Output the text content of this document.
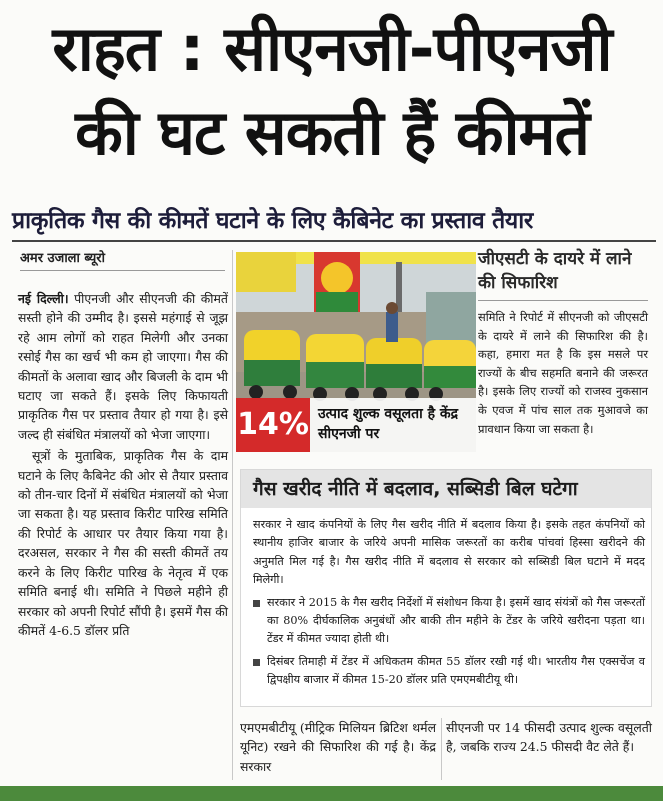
राहत : सीएनजी-पीएनजी
की घट सकती हैं कीमतें
प्राकृतिक गैस की कीमतें घटाने के लिए कैबिनेट का प्रस्ताव तैयार
अमर उजाला ब्यूरो

नई दिल्ली। पीएनजी और सीएनजी की कीमतें सस्ती होने की उम्मीद है। इससे महंगाई से जूझ रहे आम लोगों को राहत मिलेगी और उनका रसोई गैस का खर्च भी कम हो जाएगा। गैस की कीमतों के अलावा खाद और बिजली के दाम भी घटाए जा सकते हैं। इसके लिए किफायती प्राकृतिक गैस पर प्रस्ताव तैयार हो गया है। इसे जल्द ही संबंधित मंत्रालयों को भेजा जाएगा।

सूत्रों के मुताबिक, प्राकृतिक गैस के दाम घटाने के लिए कैबिनेट की ओर से तैयार प्रस्ताव को तीन-चार दिनों में संबंधित मंत्रालयों को भेजा जा सकता है। यह प्रस्ताव किरीट पारिख समिति की रिपोर्ट के आधार पर तैयार किया गया है। दरअसल, सरकार ने गैस की सस्ती कीमतें तय करने के लिए किरीट पारिख के नेतृत्व में एक समिति बनाई थी। समिति ने पिछले महीने ही सरकार को अपनी रिपोर्ट सौंपी है। इसमें गैस की कीमतें 4-6.5 डॉलर प्रति

14% उत्पाद शुल्क वसूलता है केंद्र सीएनजी पर
जीएसटी के दायरे में लाने की सिफारिश
समिति ने रिपोर्ट में सीएनजी को जीएसटी के दायरे में लाने की सिफारिश की है। कहा, हमारा मत है कि इस मसले पर राज्यों के बीच सहमति बनाने की जरूरत है। इसके लिए राज्यों को राजस्व नुकसान के एवज में पांच साल तक मुआवजे का प्रावधान किया जा सकता है।
गैस खरीद नीति में बदलाव, सब्सिडी बिल घटेगा

सरकार ने खाद कंपनियों के लिए गैस खरीद नीति में बदलाव किया है। इसके तहत कंपनियों को स्थानीय हाजिर बाजार के जरिये अपनी मासिक जरूरतों का करीब पांचवां हिस्सा खरीदने की अनुमति मिल गई है। गैस खरीद नीति में बदलाव से सरकार को सब्सिडी बिल घटाने में मदद मिलेगी।

सरकार ने 2015 के गैस खरीद निर्देशों में संशोधन किया है। इसमें खाद संयंत्रों को गैस जरूरतों का 80% दीर्घकालिक अनुबंधों और बाकी तीन महीने के टेंडर के जरिये खरीदना पड़ता था। टेंडर में कीमत ज्यादा होती थी।
दिसंबर तिमाही में टेंडर में अधिकतम कीमत 55 डॉलर रखी गई थी। भारतीय गैस एक्सचेंज व द्विपक्षीय बाजार में कीमत 15-20 डॉलर प्रति एमएमबीटीयू थी।
एमएमबीटीयू (मीट्रिक मिलियन ब्रिटिश थर्मल यूनिट) रखने की सिफारिश की गई है। केंद्र सरकार
सीएनजी पर 14 फीसदी उत्पाद शुल्क वसूलती है, जबकि राज्य 24.5 फीसदी वैट लेते हैं।
